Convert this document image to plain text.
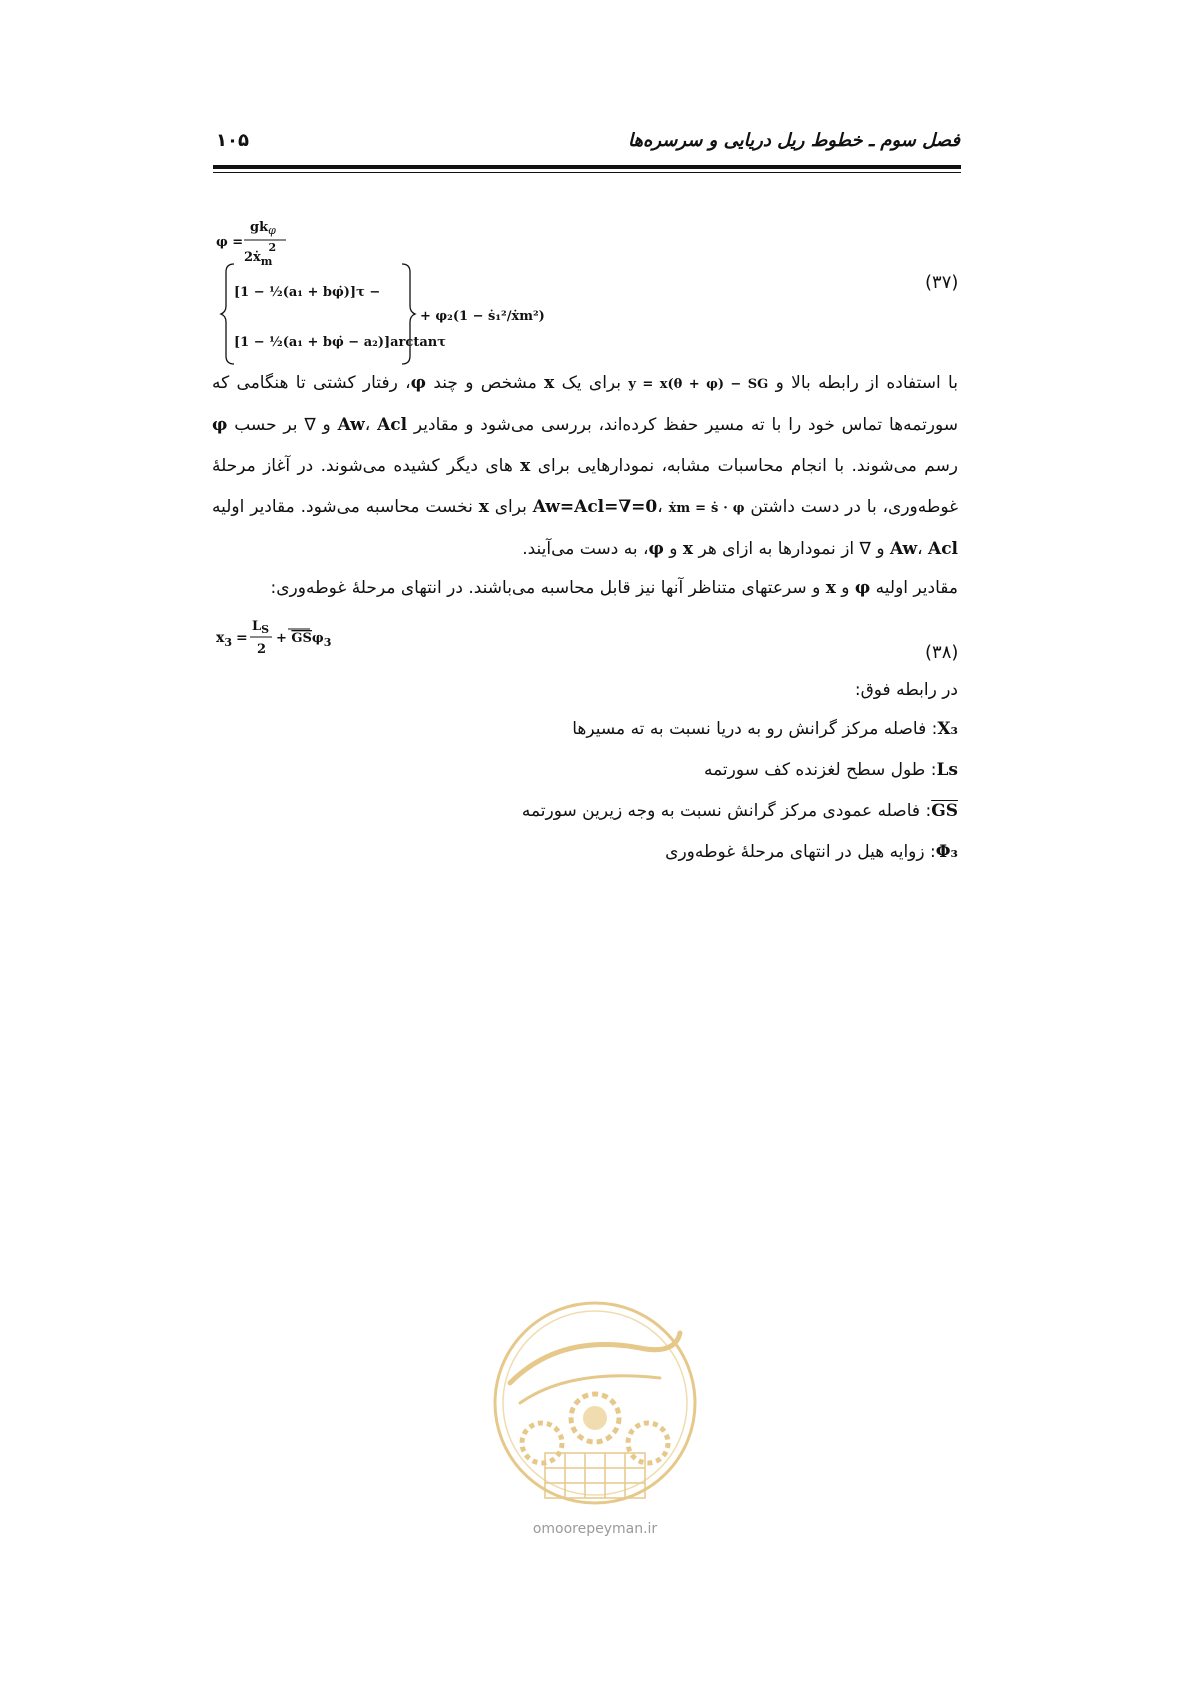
فصل سوم ـ خطوط ریل دریایی و سرسره‌ها
۱۰۵
φ =
$gk_\varphi$
2ẋ$_m$2
[1 − ½(a₁ + bφ̇)]τ −
[1 − ½(a₁ + bφ̇ − a₂)]arctanτ
+ φ₂(1 − ṡ₁²/ẋm²)
(۳۷)
با استفاده از رابطه بالا و y = x(θ + φ) − SG برای یک x مشخص و چند φ، رفتار کشتی تا هنگامی که سورتمه‌ها تماس خود را با ته مسیر حفظ کرده‌اند، بررسی می‌شود و مقادیر Aw، Acl و ∇ بر حسب φ رسم می‌شوند. با انجام محاسبات مشابه، نمودارهایی برای x های دیگر کشیده می‌شوند. در آغاز مرحلهٔ غوطه‌وری، با در دست داشتن Aw=Acl=∇=0، ẋm = ṡ · φ برای x نخست محاسبه می‌شود. مقادیر اولیه Aw، Acl و ∇ از نمودارها به ازای هر x و φ، به دست می‌آیند.
مقادیر اولیه φ و x و سرعتهای متناظر آنها نیز قابل محاسبه می‌باشند. در انتهای مرحلهٔ غوطه‌وری:
$x_3$ =
$L_S$
2
+ GSφ$_3$	(۳۸)
در رابطه فوق:
X₃: فاصله مرکز گرانش رو به دریا نسبت به ته مسیرها
Ls: طول سطح لغزنده کف سورتمه
GS: فاصله عمودی مرکز گرانش نسبت به وجه زیرین سورتمه
Φ₃: زوایه هیل در انتهای مرحلهٔ غوطه‌وری
omoorepeyman.ir
